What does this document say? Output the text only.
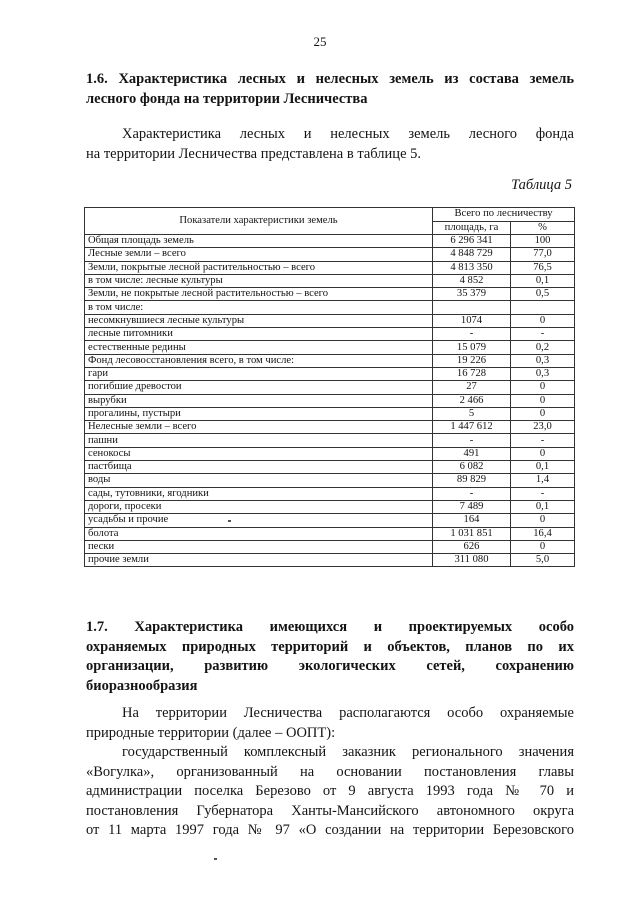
25
1.6. Характеристика лесных и нелесных земель из состава земель
лесного фонда на территории Лесничества
Характеристика лесных и нелесных земель лесного фонда
на территории Лесничества представлена в таблице 5.
Таблица 5
Показатели характеристики земель	Всего по лесничеству	
	площадь, га	%
Общая площадь земель	6 296 341	100
Лесные земли – всего	4 848 729	77,0
Земли, покрытые лесной растительностью – всего	4 813 350	76,5
в том числе: лесные культуры	4 852	0,1
Земли, не покрытые лесной растительностью – всего	35 379	0,5
в том числе:		
несомкнувшиеся лесные культуры	1074	0
лесные питомники	-	-
естественные редины	15 079	0,2
Фонд лесовосстановления всего, в том числе:	19 226	0,3
гари	16 728	0,3
погибшие древостои	27	0
вырубки	2 466	0
прогалины, пустыри	5	0
Нелесные земли – всего	1 447 612	23,0
пашни	-	-
сенокосы	491	0
пастбища	6 082	0,1
воды	89 829	1,4
сады, тутовники, ягодники	-	-
дороги, просеки	7 489	0,1
усадьбы и прочие	164	0
болота	1 031 851	16,4
пески	626	0
прочие земли	311 080	5,0
1.7. Характеристика имеющихся и проектируемых особо
охраняемых природных территорий и объектов, планов по их
организации, развитию экологических сетей, сохранению
биоразнообразия
На территории Лесничества располагаются особо охраняемые
природные территории (далее – ООПТ):
государственный комплексный заказник регионального значения
«Вогулка», организованный на основании постановления главы
администрации поселка Березово от 9 августа 1993 года № 70 и
постановления Губернатора Ханты-Мансийского автономного округа
от 11 марта 1997 года № 97 «О создании на территории Березовского
